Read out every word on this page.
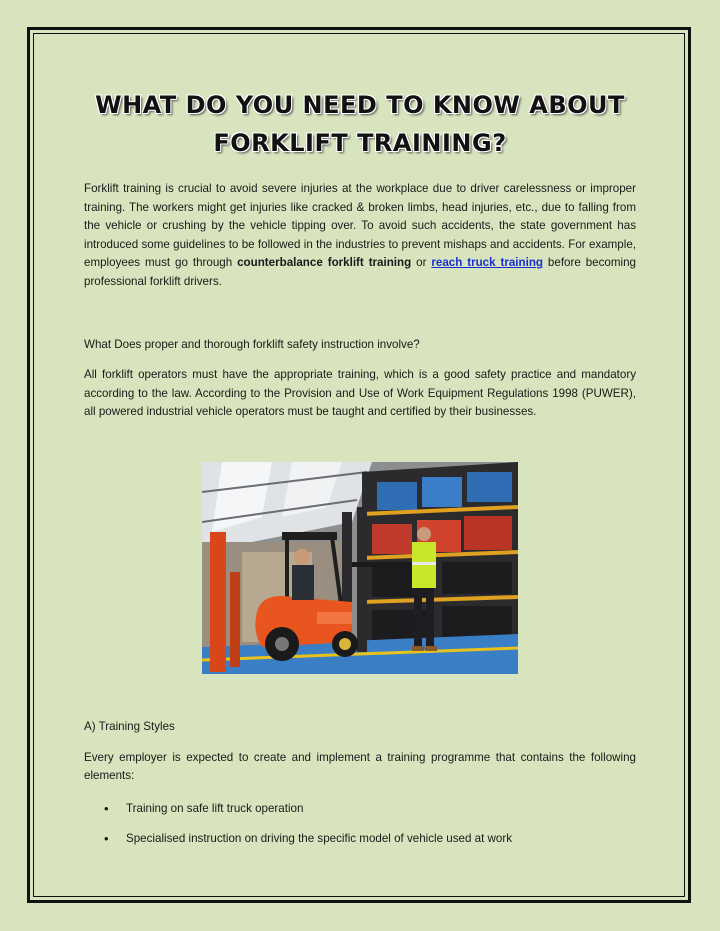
WHAT DO YOU NEED TO KNOW ABOUT
FORKLIFT TRAINING?

Forklift training is crucial to avoid severe injuries at the workplace due to driver carelessness or improper training. The workers might get injuries like cracked & broken limbs, head injuries, etc., due to falling from the vehicle or crushing by the vehicle tipping over. To avoid such accidents, the state government has introduced some guidelines to be followed in the industries to prevent mishaps and accidents. For example, employees must go through counterbalance forklift training or reach truck training before becoming professional forklift drivers.

What Does proper and thorough forklift safety instruction involve?

All forklift operators must have the appropriate training, which is a good safety practice and mandatory according to the law. According to the Provision and Use of Work Equipment Regulations 1998 (PUWER), all powered industrial vehicle operators must be taught and certified by their businesses.

A) Training Styles

Every employer is expected to create and implement a training programme that contains the following elements:

• Training on safe lift truck operation
• Specialised instruction on driving the specific model of vehicle used at work
